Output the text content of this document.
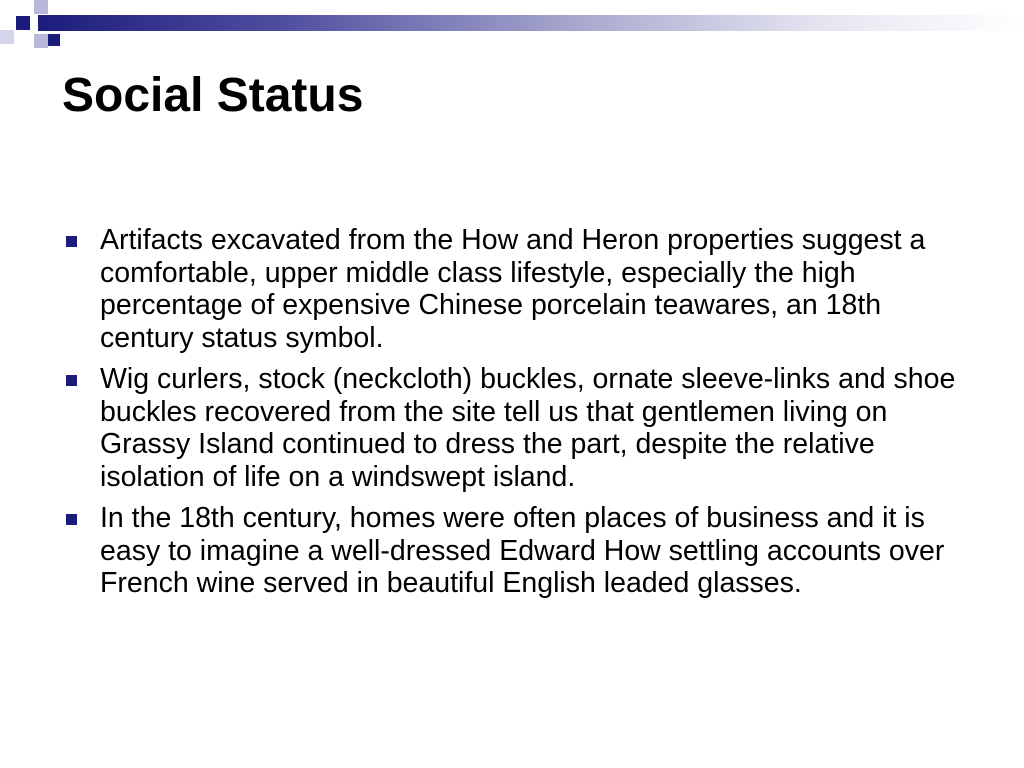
Social Status
Artifacts excavated from the How and Heron properties suggest a comfortable, upper middle class lifestyle, especially the high percentage of expensive Chinese porcelain teawares, an 18th century status symbol.
Wig curlers, stock (neckcloth) buckles, ornate sleeve-links and shoe buckles recovered from the site tell us that gentlemen living on Grassy Island continued to dress the part, despite the relative isolation of life on a windswept island.
In the 18th century, homes were often places of business and it is easy to imagine a well-dressed Edward How settling accounts over French wine served in beautiful English leaded glasses.
